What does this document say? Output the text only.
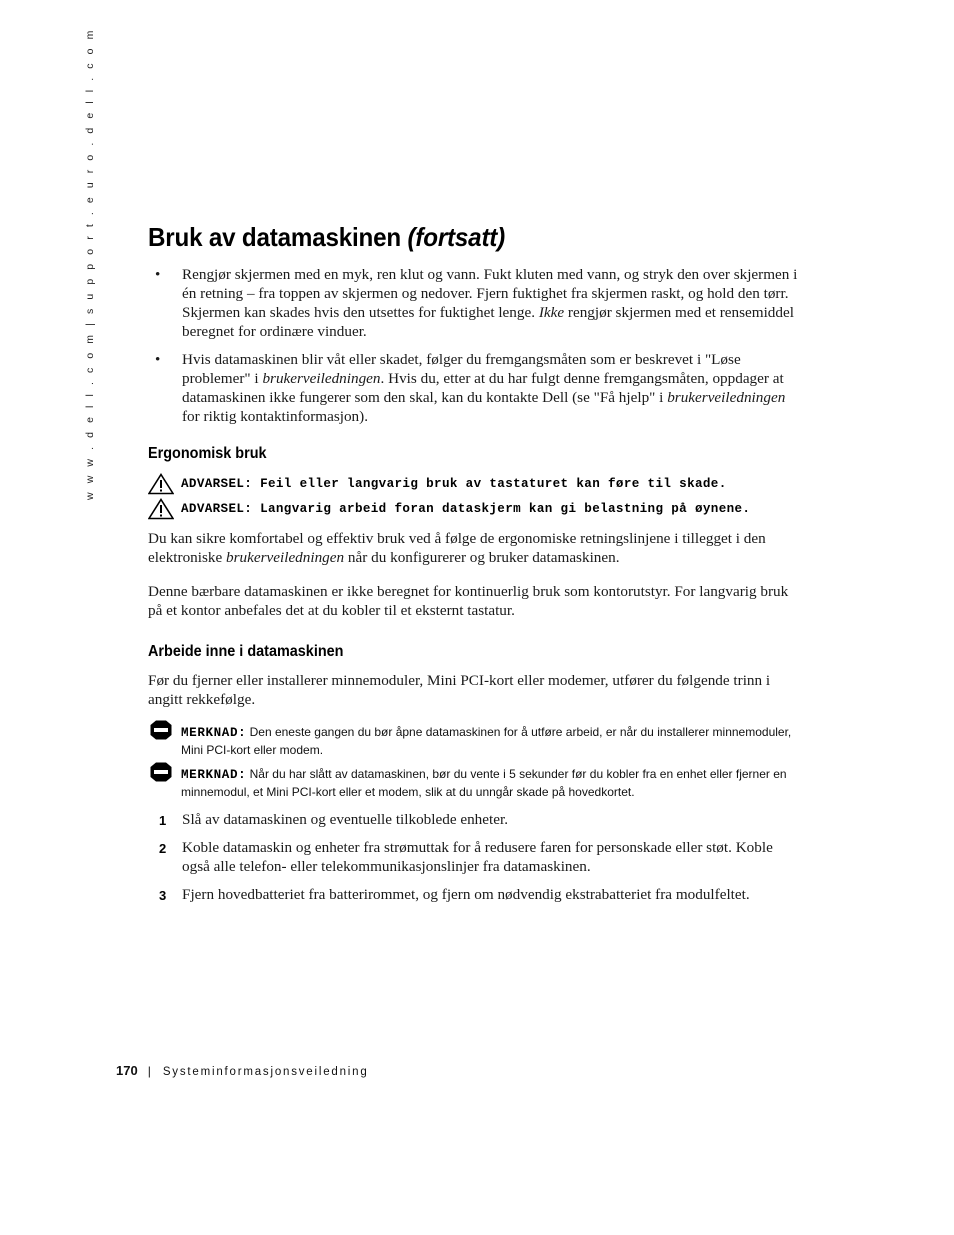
w w w . d e l l . c o m | s u p p o r t . e u r o . d e l l . c o m Bruk av datamaskinen (fortsatt)
• Rengjør skjermen med en myk, ren klut og vann. Fukt kluten med vann, og stryk den over skjermen i én retning – fra toppen av skjermen og nedover. Fjern fuktighet fra skjermen raskt, og hold den tørr. Skjermen kan skades hvis den utsettes for fuktighet lenge. Ikke rengjør skjermen med et rensemiddel beregnet for ordinære vinduer.
• Hvis datamaskinen blir våt eller skadet, følger du fremgangsmåten som er beskrevet i "Løse problemer" i brukerveiledningen. Hvis du, etter at du har fulgt denne fremgangsmåten, oppdager at datamaskinen ikke fungerer som den skal, kan du kontakte Dell (se "Få hjelp" i brukerveiledningen for riktig kontaktinformasjon).
Ergonomisk bruk
ADVARSEL: Feil eller langvarig bruk av tastaturet kan føre til skade.
ADVARSEL: Langvarig arbeid foran dataskjerm kan gi belastning på øynene.

Du kan sikre komfortabel og effektiv bruk ved å følge de ergonomiske retningslinjene i tillegget i den elektroniske brukerveiledningen når du konfigurerer og bruker datamaskinen.

Denne bærbare datamaskinen er ikke beregnet for kontinuerlig bruk som kontorutstyr. For langvarig bruk på et kontor anbefales det at du kobler til et eksternt tastatur.

Arbeide inne i datamaskinen

Før du fjerner eller installerer minnemoduler, Mini PCI-kort eller modemer, utfører du følgende trinn i angitt rekkefølge.

MERKNAD: Den eneste gangen du bør åpne datamaskinen for å utføre arbeid, er når du installerer minnemoduler, Mini PCI-kort eller modem.
MERKNAD: Når du har slått av datamaskinen, bør du vente i 5 sekunder før du kobler fra en enhet eller fjerner en minnemodul, et Mini PCI-kort eller et modem, slik at du unngår skade på hovedkortet.
1 Slå av datamaskinen og eventuelle tilkoblede enheter.
2 Koble datamaskin og enheter fra strømuttak for å redusere faren for personskade eller støt. Koble også alle telefon- eller telekommunikasjonslinjer fra datamaskinen.
3 Fjern hovedbatteriet fra batterirommet, og fjern om nødvendig ekstrabatteriet fra modulfeltet.
170 | Systeminformasjonsveiledning
